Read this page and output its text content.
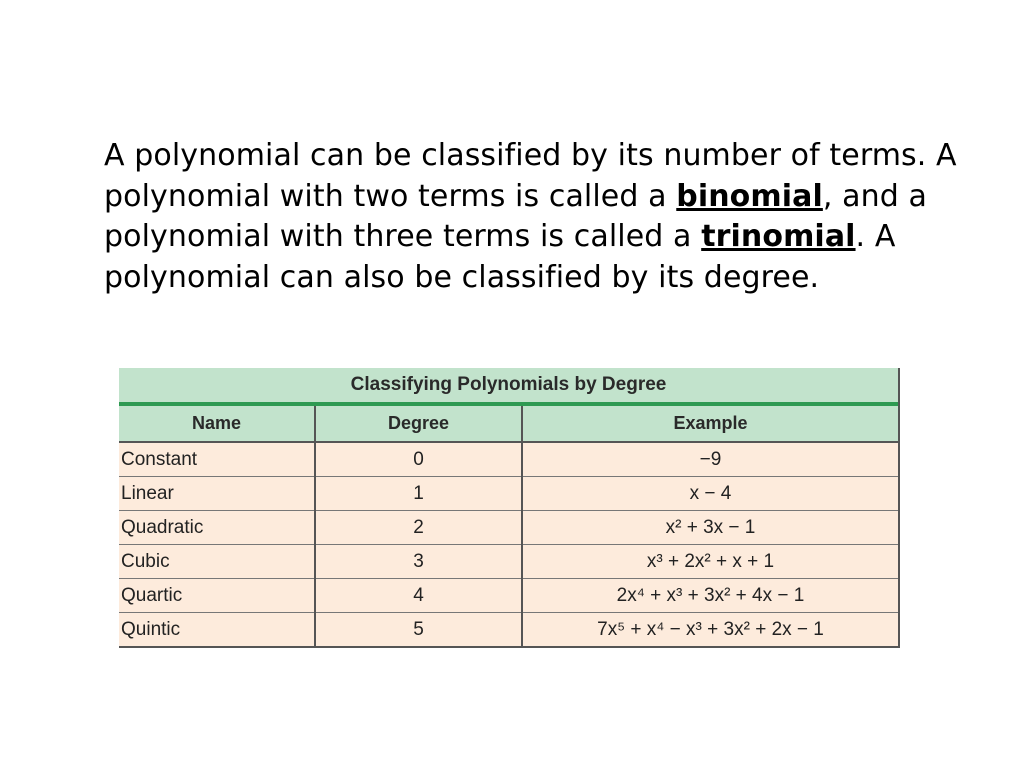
A polynomial can be classified by its number of terms. A polynomial with two terms is called a binomial, and a polynomial with three terms is called a trinomial. A polynomial can also be classified by its degree.

Classifying Polynomials by Degree		
Name	Degree	Example
Constant	0	−9
Linear	1	x − 4
Quadratic	2	x² + 3x − 1
Cubic	3	x³ + 2x² + x + 1
Quartic	4	2x⁴ + x³ + 3x² + 4x − 1
Quintic	5	7x⁵ + x⁴ − x³ + 3x² + 2x − 1
